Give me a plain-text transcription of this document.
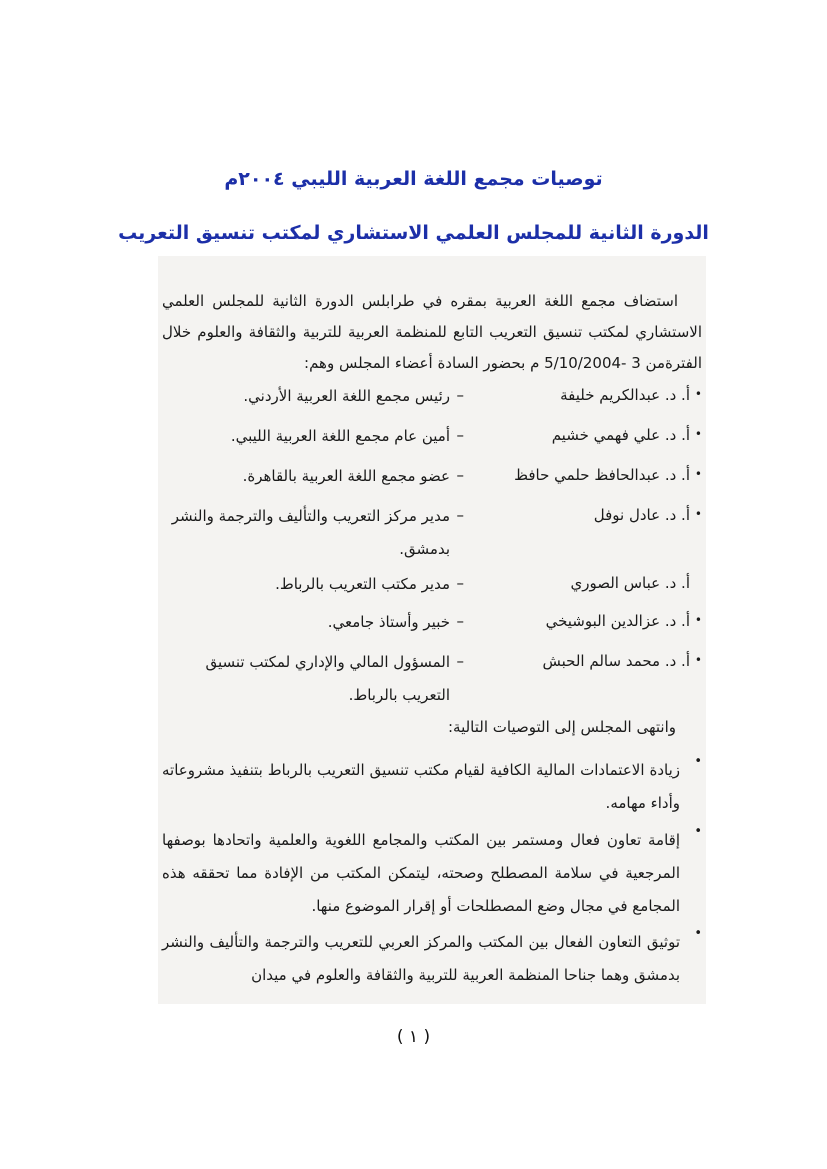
توصيات مجمع اللغة العربية الليبي ٢٠٠٤م
الدورة الثانية للمجلس العلمي الاستشاري لمكتب تنسيق التعريب
استضاف مجمع اللغة العربية بمقره في طرابلس الدورة الثانية للمجلس العلمي الاستشاري لمكتب تنسيق التعريب التابع للمنظمة العربية للتربية والثقافة والعلوم خلال الفترةمن 3 -5/10/2004 م بحضور السادة أعضاء المجلس وهم:
•
أ. د. عبدالكريم خليفة
–
رئيس مجمع اللغة العربية الأردني.
•
أ. د. علي فهمي خشيم
–
أمين عام مجمع اللغة العربية الليبي.
•
أ. د. عبدالحافظ حلمي حافظ
–
عضو مجمع اللغة العربية بالقاهرة.
•
أ. د. عادل نوفل
–
مدير مركز التعريب والتأليف والترجمة والنشر بدمشق.
أ. د. عباس الصوري
–
مدير مكتب التعريب بالرباط.
•
أ. د. عزالدين البوشيخي
–
خبير وأستاذ جامعي.
•
أ. د. محمد سالم الحبش
–
المسؤول المالي والإداري لمكتب تنسيق التعريب بالرباط.
وانتهى المجلس إلى التوصيات التالية:
•
زيادة الاعتمادات المالية الكافية لقيام مكتب تنسيق التعريب بالرباط بتنفيذ مشروعاته وأداء مهامه.
•
إقامة تعاون فعال ومستمر بين المكتب والمجامع اللغوية والعلمية واتحادها بوصفها المرجعية في سلامة المصطلح وصحته، ليتمكن المكتب من الإفادة مما تحققه هذه المجامع في مجال وضع المصطلحات أو إقرار الموضوع منها.
•
توثيق التعاون الفعال بين المكتب والمركز العربي للتعريب والترجمة والتأليف والنشر بدمشق وهما جناحا المنظمة العربية للتربية والثقافة والعلوم في ميدان
( ١ )
